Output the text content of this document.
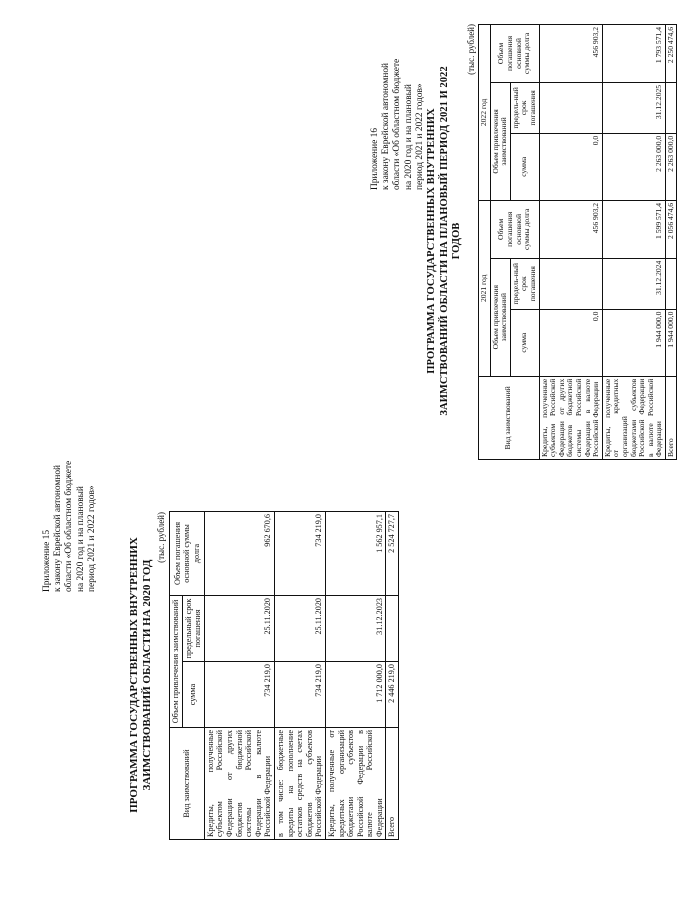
Приложение 15 к закону Еврейской автономной области «Об областном бюджете на 2020 год и на плановый период 2021 и 2022 годов»	ПРОГРАММА ГОСУДАРСТВЕННЫХ ВНУТРЕННИХ ЗАИМСТВОВАНИЙ ОБЛАСТИ НА 2020 ГОД
(тыс. рублей)
Вид заимствований	Объем привлечения заимствований		Объем погашения основной суммы долга
	сумма	предельный срок погашения	
Кредиты, полученные субъектом Российской Федерации от других бюджетов бюджетной системы Российской Федерации в валюте Российской Федерации	734 219,0	25.11.2020	962 670,6
в том числе: бюджетные кредиты на пополнение остатков средств на счетах бюджетов субъектов Российской Федерации	734 219,0	25.11.2020	734 219,0
Кредиты, полученные от кредитных организаций бюджетами субъектов Российской Федерации в валюте Российской Федерации	1 712 000,0	31.12.2023	1 562 957,1
Всего	2 446 219,0		2 524 727,7
Приложение 16 к закону Еврейской автономной области «Об областном бюджете на 2020 год и на плановый период 2021 и 2022 годов» ПРОГРАММА ГОСУДАРСТВЕННЫХ ВНУТРЕННИХ ЗАИМСТВОВАНИЙ ОБЛАСТИ НА ПЛАНОВЫЙ ПЕРИОД 2021 И 2022 ГОДОВ
(тыс. рублей)
Вид заимствований	2021 год			2022 год		
	Объем привлечения заимствований		Объем погашения основной суммы долга	Объем привлечения заимствований		Объем погашения основной суммы долга
	сумма	предель-ный срок погашения		сумма	предель-ный срок погашения	
Кредиты, полученные субъектом Российской Федерации от других бюджетов бюджетной системы Российской Федерации в валюте Российской Федерации	0,0		456 903,2	0,0		456 903,2
Кредиты, полученные от кредитных организаций бюджетами субъектов Российской Федерации в валюте Российской Федерации	1 944 000,0	31.12.2024	1 599 571,4	2 263 000,0	31.12.2025	1 793 571,4
Всего	1 944 000,0		2 056 474,6	2 263 000,0		2 250 474,6
